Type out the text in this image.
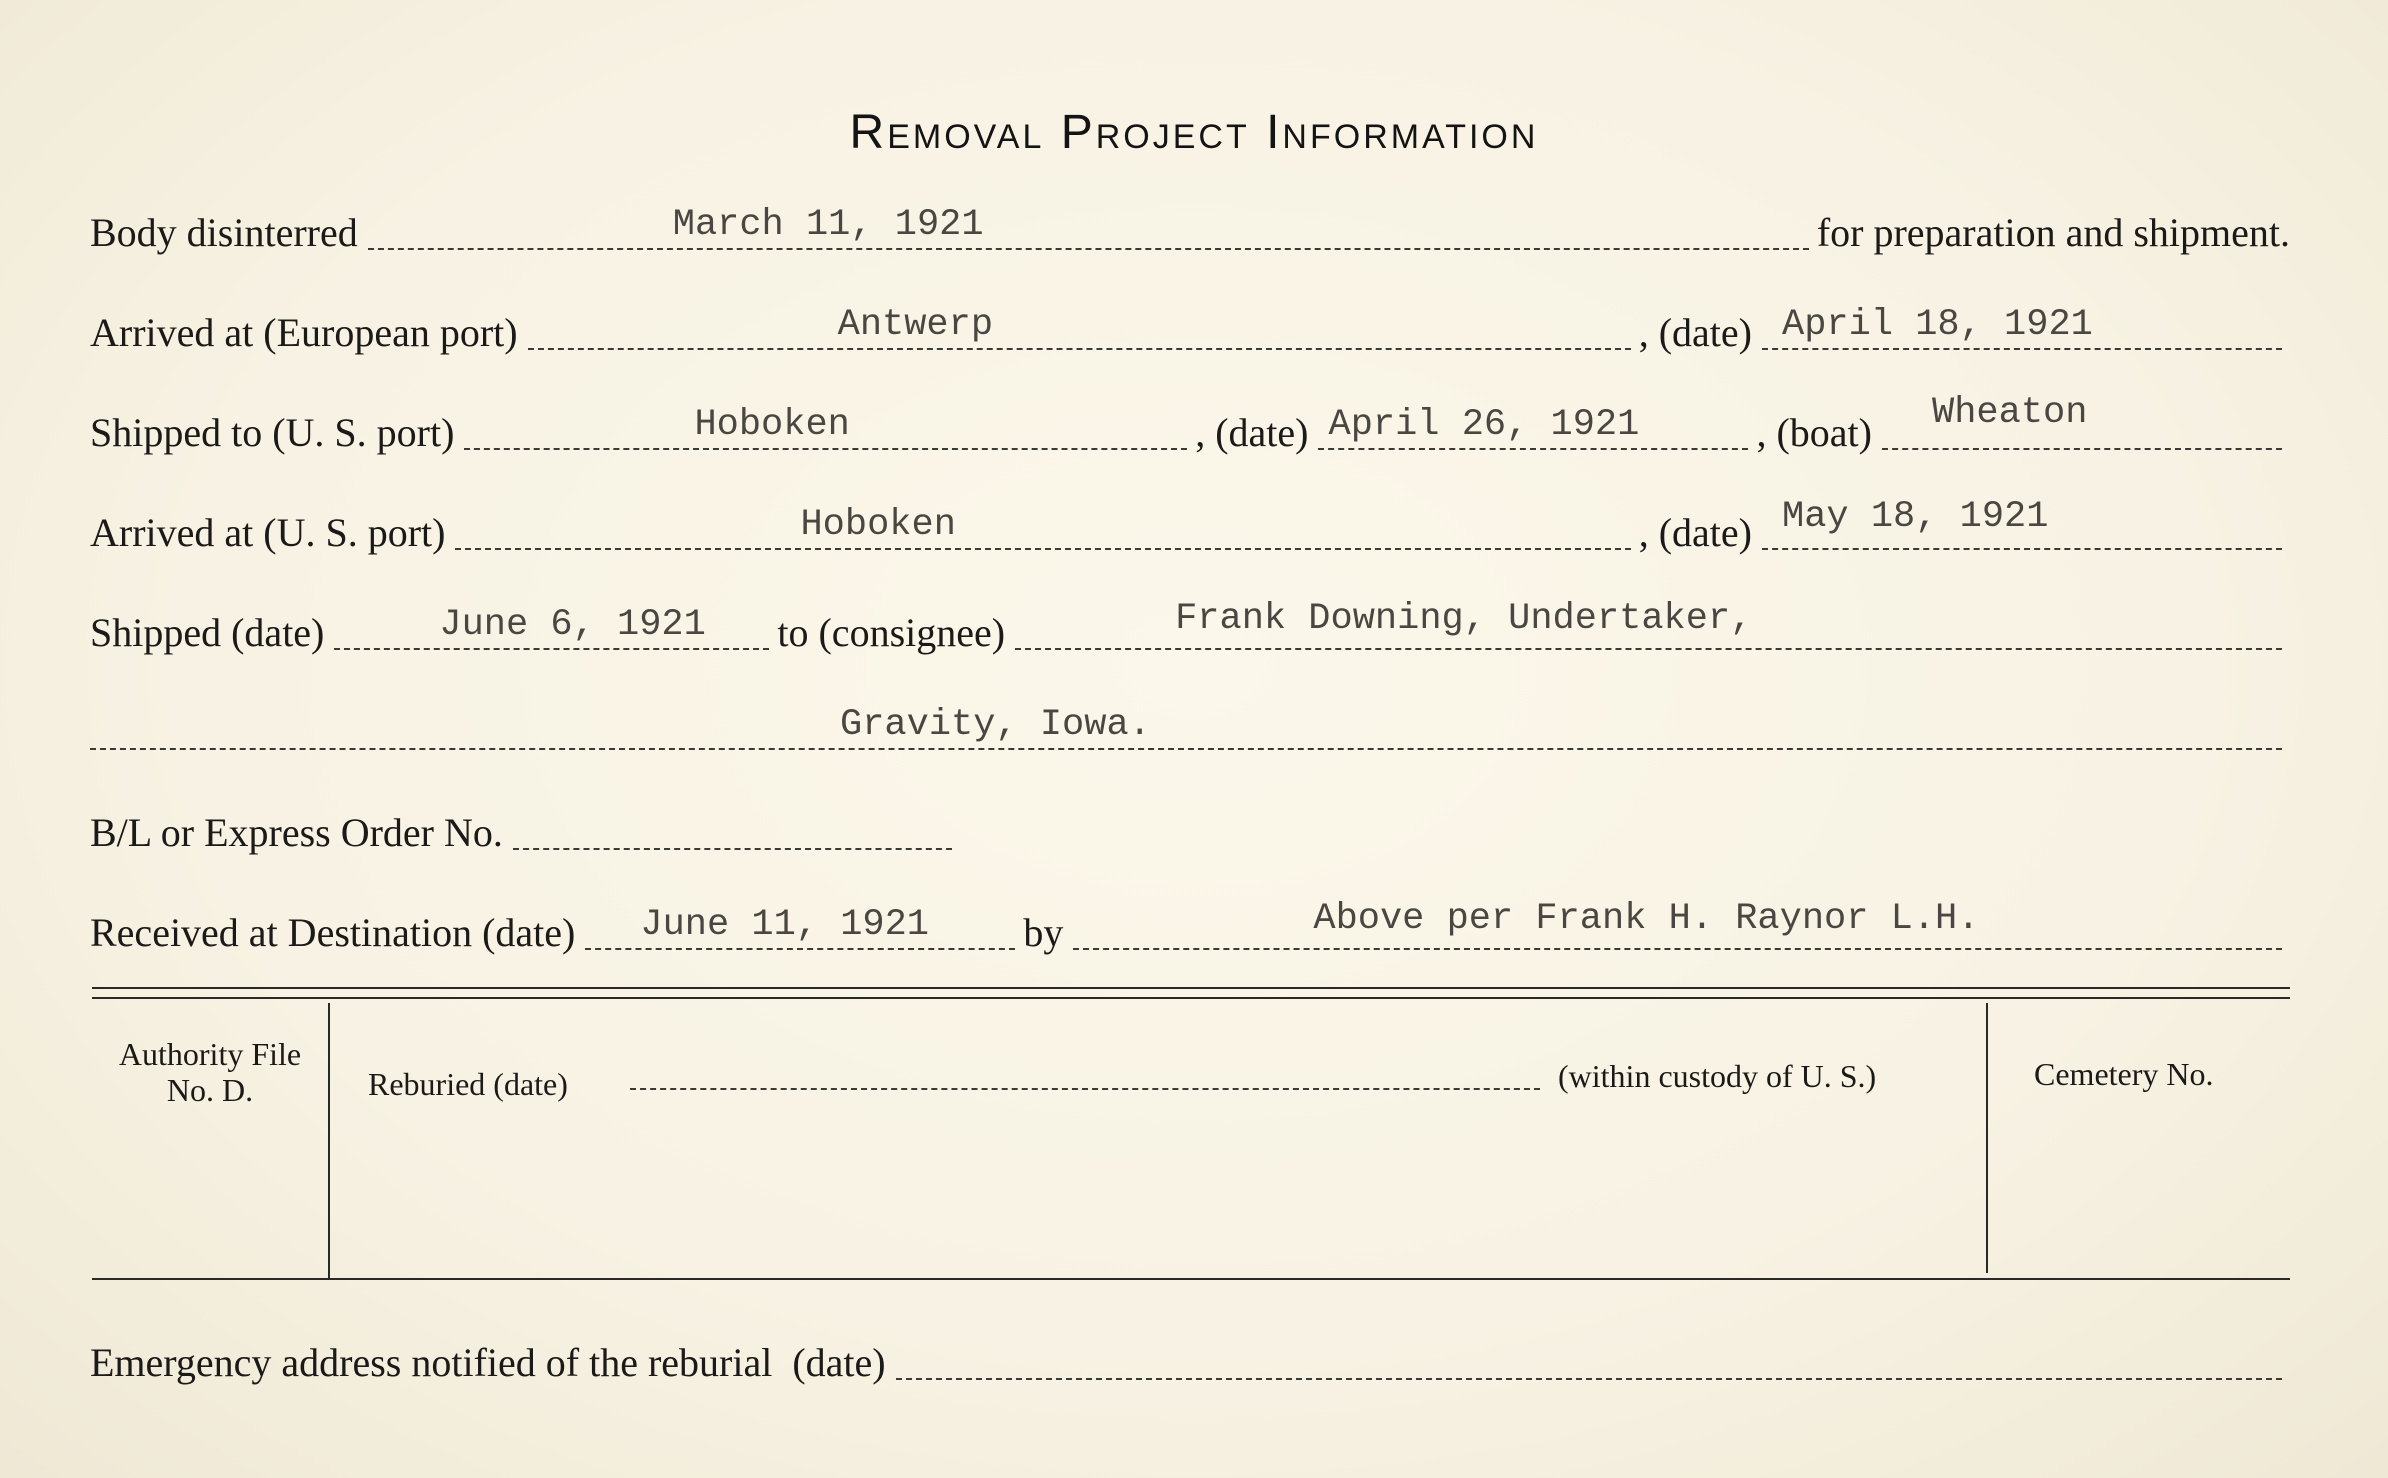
Removal Project Information
Body disinterred	March 11, 1921	for preparation and shipment.
Arrived at (European port)	Antwerp	, (date) April 18, 1921
Shipped to (U. S. port)	Hoboken	, (date) April 26, 1921	, (boat) Wheaton
Arrived at (U. S. port)	Hoboken	, (date) May 18, 1921
Shipped (date)	June 6, 1921 to (consignee)	Frank Downing, Undertaker,
Gravity, Iowa.
B/L or Express Order No.
Received at Destination (date) June 11, 1921 by	Above per Frank H. Raynor L.H.
Authority File No. D.	Reburied (date)	(within custody of U. S.)	Cemetery No.
Emergency address notified of the reburial  (date)
